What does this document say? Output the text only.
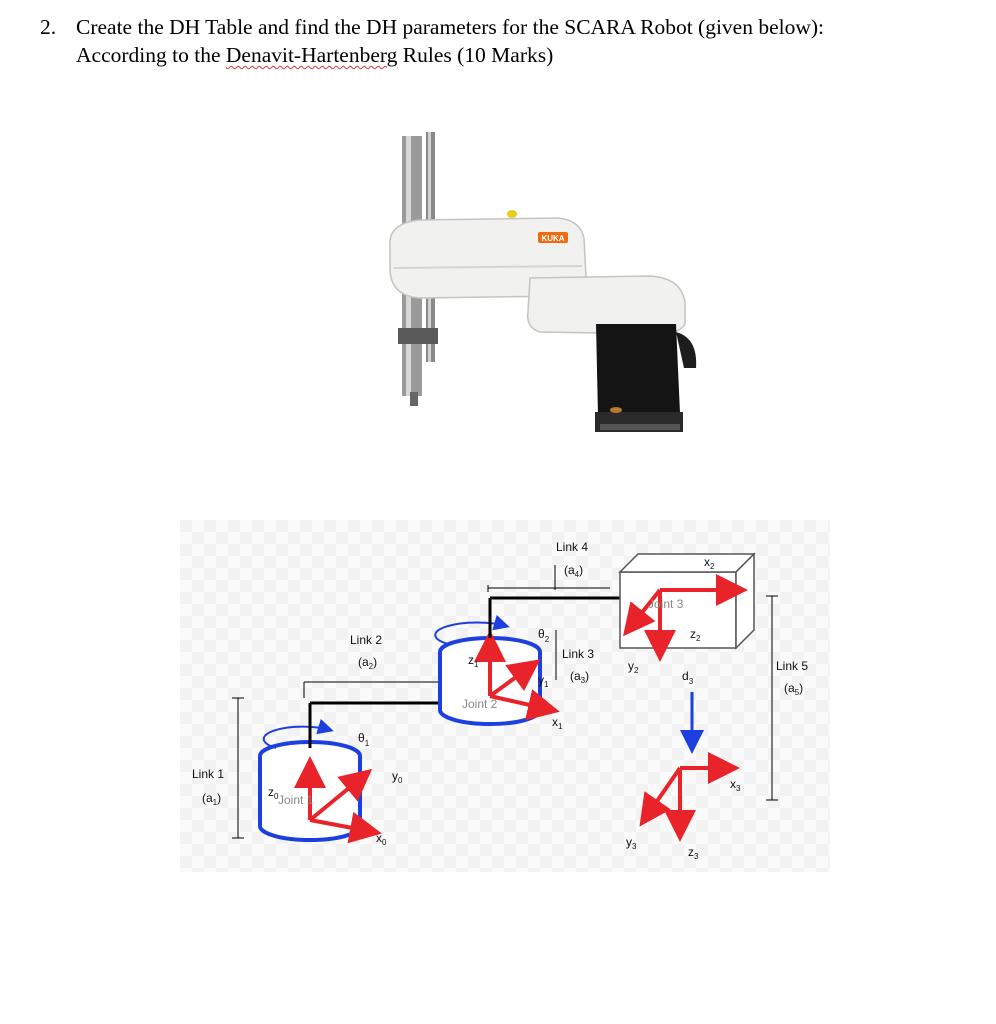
2. Create the DH Table and find the DH parameters for the SCARA Robot (given below):
According to the Denavit-Hartenberg Rules (10 Marks)
KUKA
Link 1
$(a_1)$
Link 2
$(a_2)$
Link 3
$(a_3)$
Link 4
$(a_4)$
Link 5
$(a_5)$
Joint 1
Joint 2
Joint 3
$\theta_1$
$\theta_2$
$d_3$
$z_0$
$y_0$
$x_0$
$z_1$
$y_1$
$x_1$
$z_2$
$y_2$
$x_2$
$z_3$
$y_3$
$x_3$
